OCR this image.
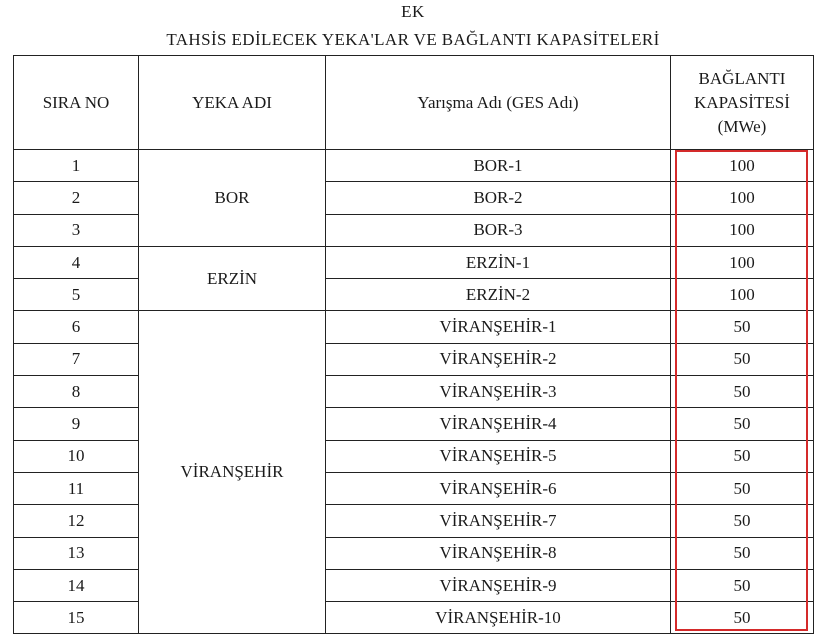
EK
TAHSİS EDİLECEK YEKA'LAR VE BAĞLANTI KAPASİTELERİ
SIRA NO	YEKA ADI	Yarışma Adı (GES Adı)	BAĞLANTI
KAPASİTESİ
(MWe)

1	BOR	BOR-1	100
2		BOR-2	100
3		BOR-3	100
4	ERZİN	ERZİN-1	100
5		ERZİN-2	100
6	VİRANŞEHİR	VİRANŞEHİR-1	50
7		VİRANŞEHİR-2	50
8		VİRANŞEHİR-3	50
9		VİRANŞEHİR-4	50
10		VİRANŞEHİR-5	50
11		VİRANŞEHİR-6	50
12		VİRANŞEHİR-7	50
13		VİRANŞEHİR-8	50
14		VİRANŞEHİR-9	50
15		VİRANŞEHİR-10	50
